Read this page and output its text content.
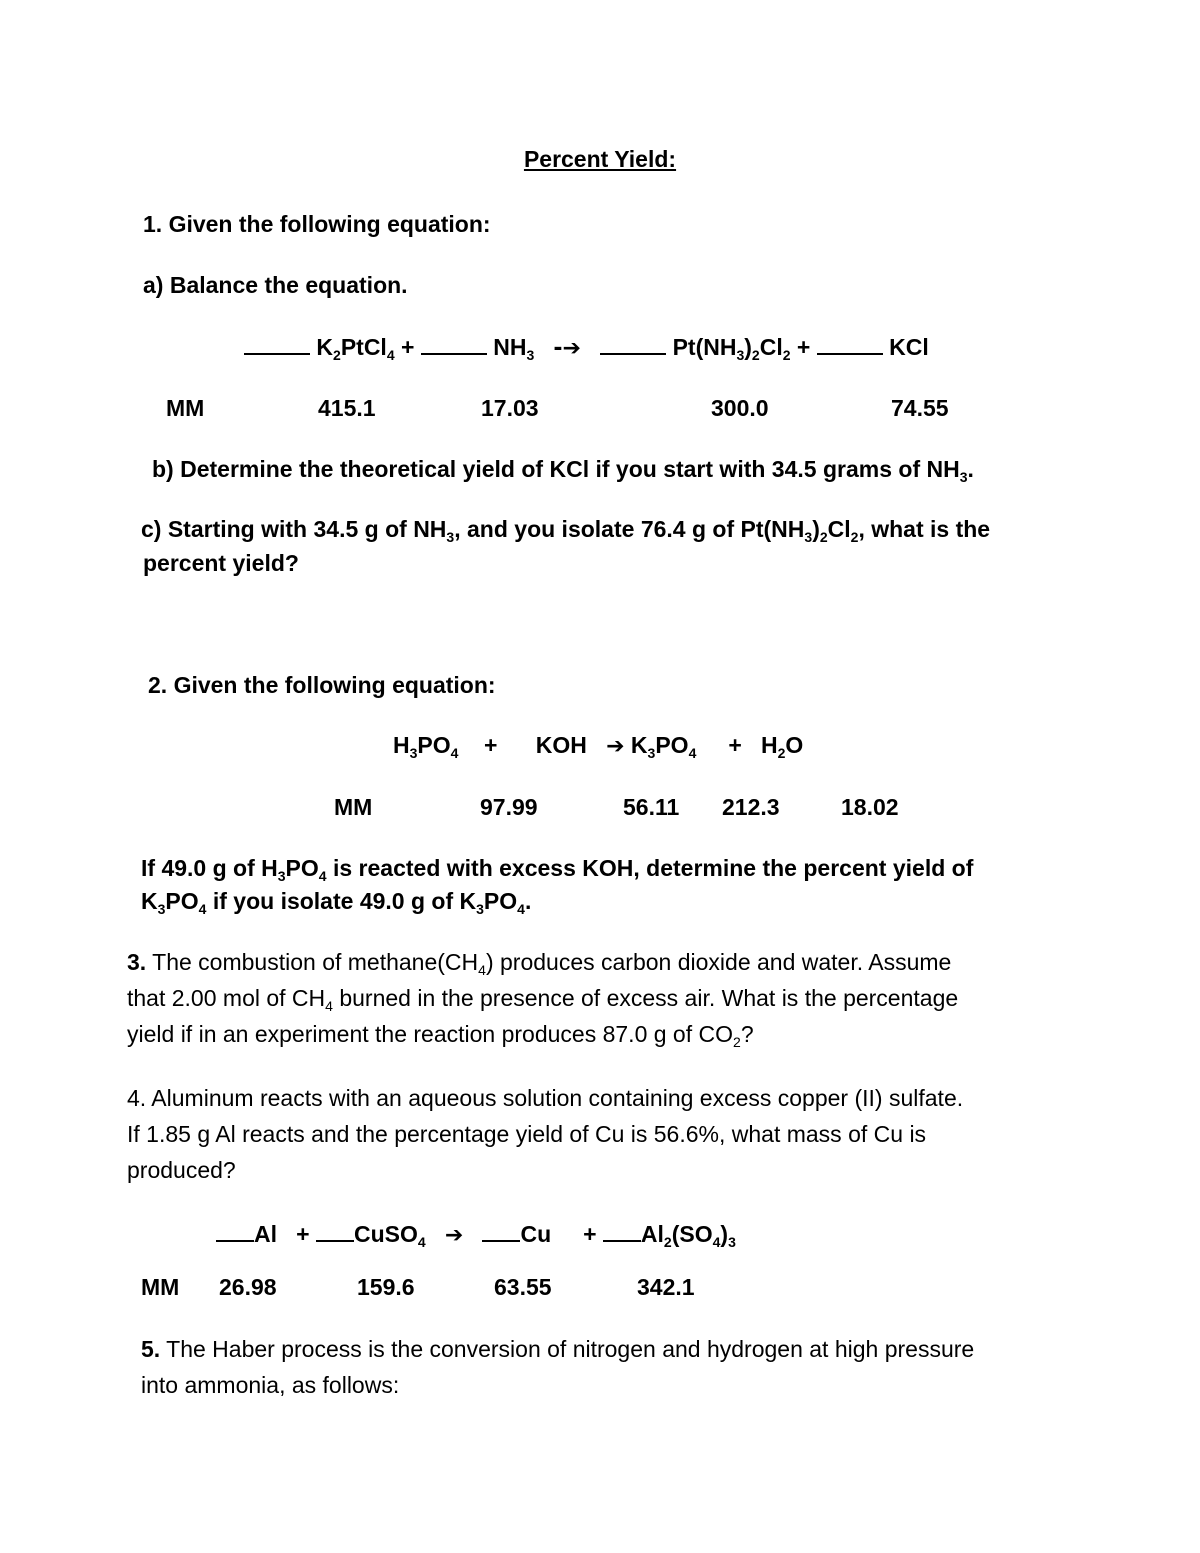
Percent Yield:
1. Given the following equation:
a) Balance the equation.
$K_2PtCl_4$ +	$NH_3$ -➔	$Pt(NH_3)_2Cl_2$ +	KCl
MM	415.1	17.03	300.0	74.55
b) Determine the theoretical yield of KCl if you start with 34.5 grams of $NH_3$.
c) Starting with 34.5 g of $NH_3$, and you isolate 76.4 g of $Pt(NH_3)_2Cl_2$, what is the
percent yield?
2. Given the following equation:
$H_3PO_4$ + KOH ➔ $K_3PO_4 + H_2O$
MM	97.99	56.11 212.3	18.02
If 49.0 g of $H_3PO_4$ is reacted with excess KOH, determine the percent yield of
$K_3PO_4$ if you isolate 49.0 g of $K_3PO_4$.
3. The combustion of $methane(CH_4)$ produces carbon dioxide and water. Assume
that 2.00 mol of $CH_4$ burned in the presence of excess air. What is the percentage
yield if in an experiment the reaction produces 87.0 g of $CO_2$?
4. Aluminum reacts with an aqueous solution containing excess copper (II) sulfate.
If 1.85 g Al reacts and the percentage yield of Cu is 56.6%, what mass of Cu is
produced?
Al + CuSO$_4$ ➔ $Cu + Al_2(SO_4)_3$
MM 26.98	159.6	63.55	342.1
5. The Haber process is the conversion of nitrogen and hydrogen at high pressure
into ammonia, as follows:
